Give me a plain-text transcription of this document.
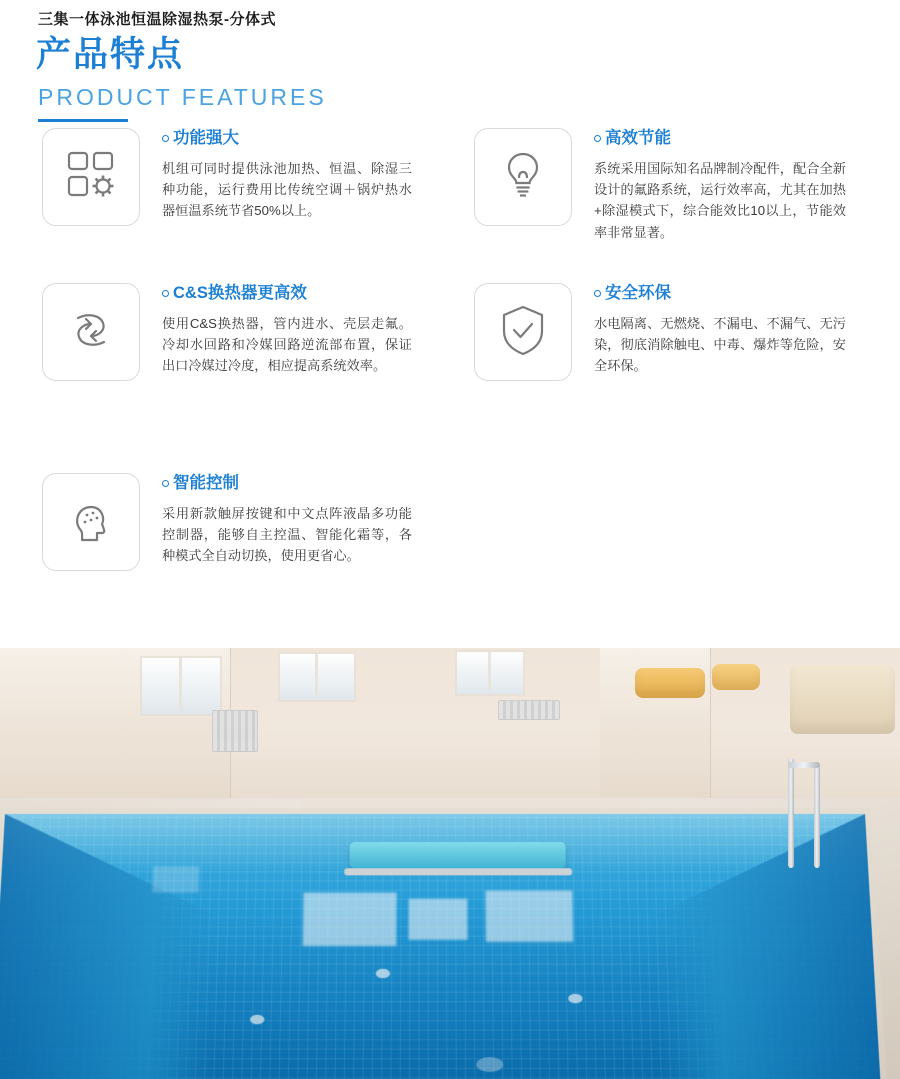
三集一体泳池恒温除湿热泵-分体式
产品特点
PRODUCT FEATURES
功能强大
机组可同时提供泳池加热、恒温、除湿三种功能，运行费用比传统空调＋锅炉热水器恒温系统节省50%以上。
高效节能
系统采用国际知名品牌制冷配件，配合全新设计的氟路系统，运行效率高，尤其在加热+除湿模式下，综合能效比10以上，节能效率非常显著。
C&S换热器更高效
使用C&S换热器，管内进水、壳层走氟。冷却水回路和冷媒回路逆流部布置，保证出口冷媒过冷度，相应提高系统效率。
安全环保
水电隔离、无燃烧、不漏电、不漏气、无污染，彻底消除触电、中毒、爆炸等危险，安全环保。
智能控制
采用新款触屏按键和中文点阵液晶多功能控制器，能够自主控温、智能化霜等，各种模式全自动切换，使用更省心。
